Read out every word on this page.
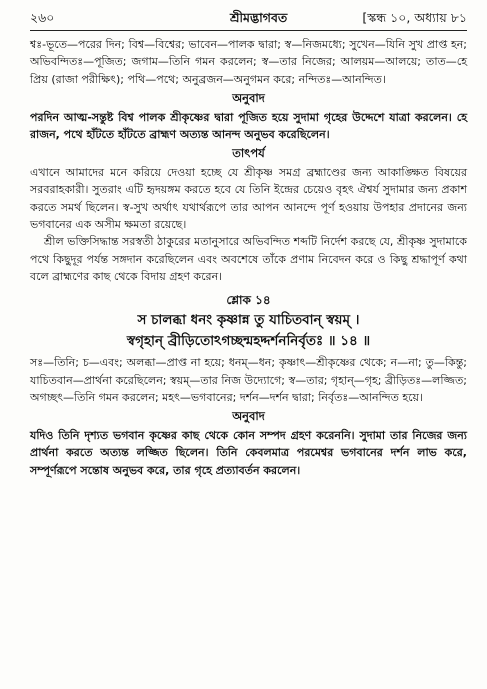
২৬০	শ্রীমদ্ভাগবত	[স্কন্ধ ১০, অধ্যায় ৮১

শ্বঃ-ভূতে—পরের দিন; বিশ্ব—বিশ্বের; ভাবেন—পালক দ্বারা; স্ব—নিজমধ্যে; সুখেন—যিনি সুখ প্রাপ্ত হন; অভিবন্দিতঃ—পূজিত; জগাম—তিনি গমন করলেন; স্ব—তার নিজের; আলয়ম—আলয়ে; তাত—হে প্রিয় (রাজা পরীক্ষিৎ); পথি—পথে; অনুব্রজন—অনুগমন করে; নন্দিতঃ—আনন্দিত।

অনুবাদ

পরদিন আত্ম-সন্তুষ্ট বিশ্ব পালক শ্রীকৃষ্ণের দ্বারা পূজিত হয়ে সুদামা গৃহের উদ্দেশে যাত্রা করলেন। হে রাজন, পথে হাঁটতে হাঁটতে ব্রাহ্মণ অত্যন্ত আনন্দ অনুভব করেছিলেন।

তাৎপর্য

এখানে আমাদের মনে করিয়ে দেওয়া হচ্ছে যে শ্রীকৃষ্ণ সমগ্র ব্রহ্মাণ্ডের জন্য আকাঙ্ক্ষিত বিষয়ের সরবরাহকারী। সুতরাং এটি হৃদয়ঙ্গম করতে হবে যে তিনি ইন্দ্রের চেয়েও বৃহৎ ঐশ্বর্য সুদামার জন্য প্রকাশ করতে সমর্থ ছিলেন। স্ব-সুখ অর্থাৎ যথার্থরূপে তার আপন আনন্দে পূর্ণ হওয়ায় উপহার প্রদানের জন্য ভগবানের এক অসীম ক্ষমতা রয়েছে।

শ্রীল ভক্তিসিদ্ধান্ত সরস্বতী ঠাকুরের মতানুসারে অভিবন্দিত শব্দটি নির্দেশ করছে যে, শ্রীকৃষ্ণ সুদামাকে পথে কিছুদূর পর্যন্ত সঙ্গদান করেছিলেন এবং অবশেষে তাঁকে প্রণাম নিবেদন করে ও কিছু শ্রদ্ধাপূর্ণ কথা বলে ব্রাহ্মণের কাছ থেকে বিদায় গ্রহণ করেন।

শ্লোক ১৪

স চালব্ধা ধনং কৃষ্ণান্ন তু যাচিতবান্ স্বয়ম্ ।

স্বগৃহান্ ব্রীড়িতোঽগচ্ছন্মহদ্দর্শননির্বৃতঃ ॥ ১৪ ॥

সঃ—তিনি; চ—এবং; অলব্ধা—প্রাপ্ত না হয়ে; ধনম্—ধন; কৃষ্ণাৎ—শ্রীকৃষ্ণের থেকে; ন—না; তু—কিন্তু; যাচিতবান—প্রার্থনা করেছিলেন; স্বয়ম্—তার নিজ উদ্যোগে; স্ব—তার; গৃহান্—গৃহ; ব্রীড়িতঃ—লজ্জিত; অগচ্ছৎ—তিনি গমন করলেন; মহৎ—ভগবানের; দর্শন—দর্শন দ্বারা; নির্বৃতঃ—আনন্দিত হয়ে।

অনুবাদ

যদিও তিনি দৃশ্যত ভগবান কৃষ্ণের কাছ থেকে কোন সম্পদ গ্রহণ করেননি। সুদামা তার নিজের জন্য প্রার্থনা করতে অত্যন্ত লজ্জিত ছিলেন। তিনি কেবলমাত্র পরমেশ্বর ভগবানের দর্শন লাভ করে, সম্পূর্ণরূপে সন্তোষ অনুভব করে, তার গৃহে প্রত্যাবর্তন করলেন।
